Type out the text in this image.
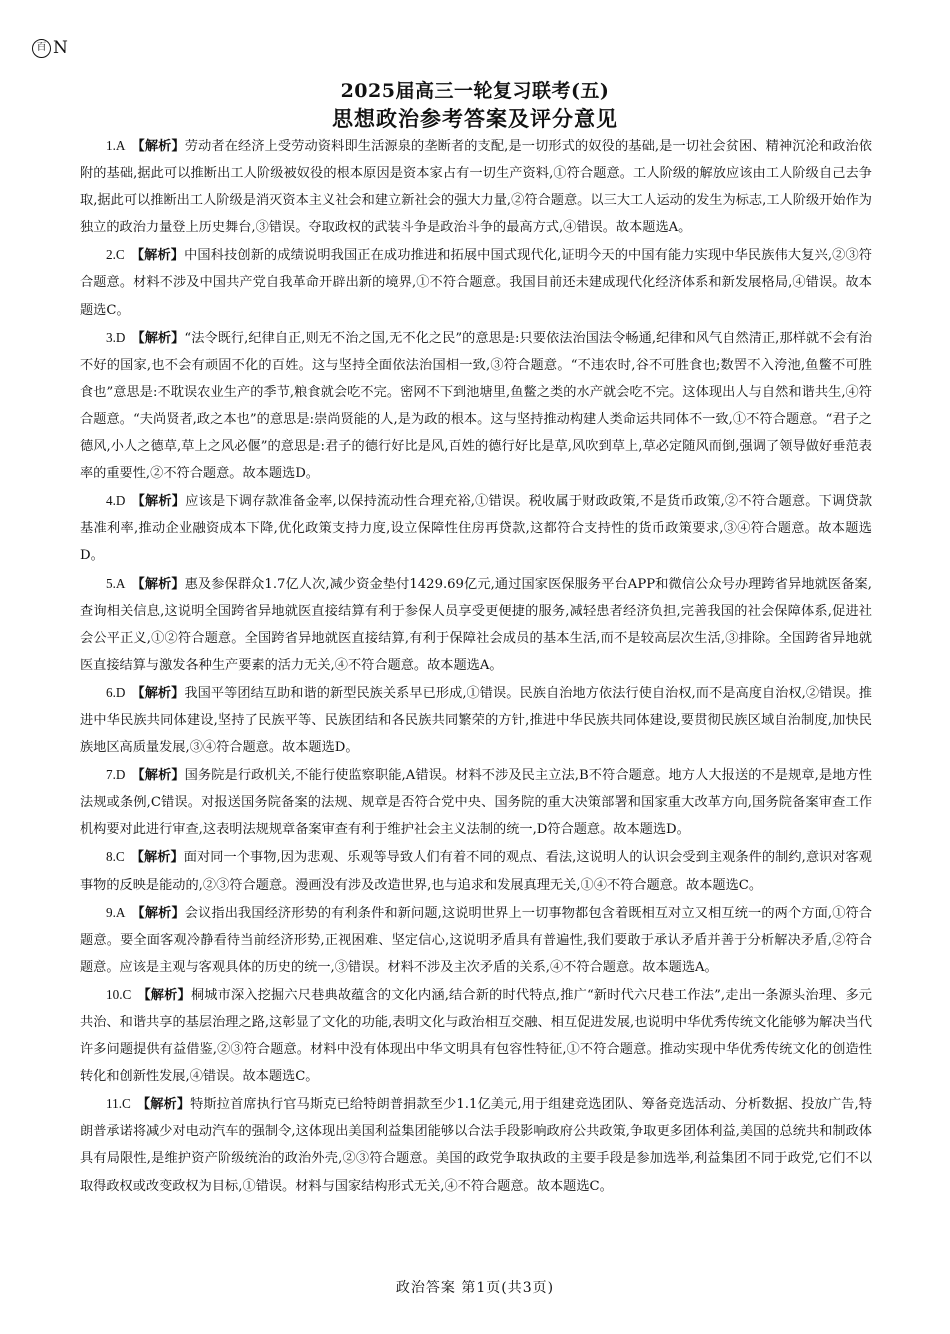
百 N
2025届高三一轮复习联考(五)
思想政治参考答案及评分意见

1.A 【解析】劳动者在经济上受劳动资料即生活源泉的垄断者的支配,是一切形式的奴役的基础,是一切社会贫困、精神沉沦和政治依附的基础,据此可以推断出工人阶级被奴役的根本原因是资本家占有一切生产资料,①符合题意。工人阶级的解放应该由工人阶级自己去争取,据此可以推断出工人阶级是消灭资本主义社会和建立新社会的强大力量,②符合题意。以三大工人运动的发生为标志,工人阶级开始作为独立的政治力量登上历史舞台,③错误。夺取政权的武装斗争是政治斗争的最高方式,④错误。故本题选A。

2.C 【解析】中国科技创新的成绩说明我国正在成功推进和拓展中国式现代化,证明今天的中国有能力实现中华民族伟大复兴,②③符合题意。材料不涉及中国共产党自我革命开辟出新的境界,①不符合题意。我国目前还未建成现代化经济体系和新发展格局,④错误。故本题选C。

3.D 【解析】“法令既行,纪律自正,则无不治之国,无不化之民”的意思是:只要依法治国法令畅通,纪律和风气自然清正,那样就不会有治不好的国家,也不会有顽固不化的百姓。这与坚持全面依法治国相一致,③符合题意。“不违农时,谷不可胜食也;数罟不入洿池,鱼鳖不可胜食也”意思是:不耽误农业生产的季节,粮食就会吃不完。密网不下到池塘里,鱼鳖之类的水产就会吃不完。这体现出人与自然和谐共生,④符合题意。“夫尚贤者,政之本也”的意思是:崇尚贤能的人,是为政的根本。这与坚持推动构建人类命运共同体不一致,①不符合题意。“君子之德风,小人之德草,草上之风必偃”的意思是:君子的德行好比是风,百姓的德行好比是草,风吹到草上,草必定随风而倒,强调了领导做好垂范表率的重要性,②不符合题意。故本题选D。

4.D 【解析】应该是下调存款准备金率,以保持流动性合理充裕,①错误。税收属于财政政策,不是货币政策,②不符合题意。下调贷款基准利率,推动企业融资成本下降,优化政策支持力度,设立保障性住房再贷款,这都符合支持性的货币政策要求,③④符合题意。故本题选D。

5.A 【解析】惠及参保群众1.7亿人次,减少资金垫付1429.69亿元,通过国家医保服务平台APP和微信公众号办理跨省异地就医备案,查询相关信息,这说明全国跨省异地就医直接结算有利于参保人员享受更便捷的服务,减轻患者经济负担,完善我国的社会保障体系,促进社会公平正义,①②符合题意。全国跨省异地就医直接结算,有利于保障社会成员的基本生活,而不是较高层次生活,③排除。全国跨省异地就医直接结算与激发各种生产要素的活力无关,④不符合题意。故本题选A。

6.D 【解析】我国平等团结互助和谐的新型民族关系早已形成,①错误。民族自治地方依法行使自治权,而不是高度自治权,②错误。推进中华民族共同体建设,坚持了民族平等、民族团结和各民族共同繁荣的方针,推进中华民族共同体建设,要贯彻民族区域自治制度,加快民族地区高质量发展,③④符合题意。故本题选D。

7.D 【解析】国务院是行政机关,不能行使监察职能,A错误。材料不涉及民主立法,B不符合题意。地方人大报送的不是规章,是地方性法规或条例,C错误。对报送国务院备案的法规、规章是否符合党中央、国务院的重大决策部署和国家重大改革方向,国务院备案审查工作机构要对此进行审查,这表明法规规章备案审查有利于维护社会主义法制的统一,D符合题意。故本题选D。

8.C 【解析】面对同一个事物,因为悲观、乐观等导致人们有着不同的观点、看法,这说明人的认识会受到主观条件的制约,意识对客观事物的反映是能动的,②③符合题意。漫画没有涉及改造世界,也与追求和发展真理无关,①④不符合题意。故本题选C。

9.A 【解析】会议指出我国经济形势的有利条件和新问题,这说明世界上一切事物都包含着既相互对立又相互统一的两个方面,①符合题意。要全面客观冷静看待当前经济形势,正视困难、坚定信心,这说明矛盾具有普遍性,我们要敢于承认矛盾并善于分析解决矛盾,②符合题意。应该是主观与客观具体的历史的统一,③错误。材料不涉及主次矛盾的关系,④不符合题意。故本题选A。

10.C 【解析】桐城市深入挖掘六尺巷典故蕴含的文化内涵,结合新的时代特点,推广“新时代六尺巷工作法”,走出一条源头治理、多元共治、和谐共享的基层治理之路,这彰显了文化的功能,表明文化与政治相互交融、相互促进发展,也说明中华优秀传统文化能够为解决当代许多问题提供有益借鉴,②③符合题意。材料中没有体现出中华文明具有包容性特征,①不符合题意。推动实现中华优秀传统文化的创造性转化和创新性发展,④错误。故本题选C。

11.C 【解析】特斯拉首席执行官马斯克已给特朗普捐款至少1.1亿美元,用于组建竞选团队、筹备竞选活动、分析数据、投放广告,特朗普承诺将减少对电动汽车的强制令,这体现出美国利益集团能够以合法手段影响政府公共政策,争取更多团体利益,美国的总统共和制政体具有局限性,是维护资产阶级统治的政治外壳,②③符合题意。美国的政党争取执政的主要手段是参加选举,利益集团不同于政党,它们不以取得政权或改变政权为目标,①错误。材料与国家结构形式无关,④不符合题意。故本题选C。

政治答案 第1页(共3页)
